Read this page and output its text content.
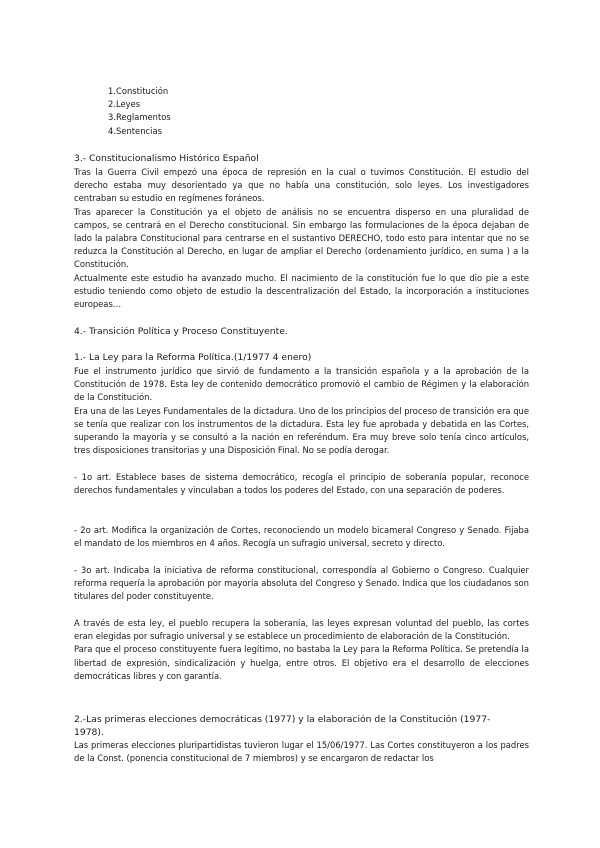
1.Constitución
2.Leyes
3.Reglamentos
4.Sentencias
3.- Constitucionalismo Histórico Español

Tras la Guerra Civil empezó una época de represión en la cual o tuvimos Constitución. El estudio del derecho estaba muy desorientado ya que no había una constitución, solo leyes. Los investigadores centraban su estudio en regímenes foráneos.

Tras aparecer la Constitución ya el objeto de análisis no se encuentra disperso en una pluralidad de campos, se centrará en el Derecho constitucional. Sin embargo las formulaciones de la época dejaban de lado la palabra Constitucional para centrarse en el sustantivo DERECHO, todo esto para intentar que no se reduzca la Constitución al Derecho, en lugar de ampliar el Derecho (ordenamiento jurídico, en suma ) a la Constitución.

Actualmente este estudio ha avanzado mucho. El nacimiento de la constitución fue lo que dio pie a este estudio teniendo como objeto de estudio la descentralización del Estado, la incorporación a instituciones europeas…

4.- Transición Política y Proceso Constituyente.
1.- La Ley para la Reforma Política.(1/1977 4 enero)

Fue el instrumento jurídico que sirvió de fundamento a la transición española y a la aprobación de la Constitución de 1978. Esta ley de contenido democrático promovió el cambio de Régimen y la elaboración de la Constitución.

Era una de las Leyes Fundamentales de la dictadura. Uno de los principios del proceso de transición era que se tenía que realizar con los instrumentos de la dictadura. Esta ley fue aprobada y debatida en las Cortes, superando la mayoría y se consultó a la nación en referéndum. Era muy breve solo tenía cinco artículos, tres disposiciones transitorias y una Disposición Final. No se podía derogar.

- 1o art. Establece bases de sistema democrático, recogía el principio de soberanía popular, reconoce derechos fundamentales y vinculaban a todos los poderes del Estado, con una separación de poderes.
- 2o art. Modifica la organización de Cortes, reconociendo un modelo bicameral Congreso y Senado. Fijaba el mandato de los miembros en 4 años. Recogía un sufragio universal, secreto y directo.
- 3o art. Indicaba la iniciativa de reforma constitucional, correspondía al Gobierno o Congreso. Cualquier reforma requería la aprobación por mayoría absoluta del Congreso y Senado. Indica que los ciudadanos son titulares del poder constituyente.

A través de esta ley, el pueblo recupera la soberanía, las leyes expresan voluntad del pueblo, las cortes eran elegidas por sufragio universal y se establece un procedimiento de elaboración de la Constitución.

Para que el proceso constituyente fuera legítimo, no bastaba la Ley para la Reforma Política. Se pretendía la libertad de expresión, sindicalización y huelga, entre otros. El objetivo era el desarrollo de elecciones democráticas libres y con garantía.

2.-Las primeras elecciones democráticas (1977) y la elaboración de la Constitución (1977-1978).
Las primeras elecciones pluripartidistas tuvieron lugar el 15/06/1977. Las Cortes constituyeron a los padres de la Const. (ponencia constitucional de 7 miembros) y se encargaron de redactar los
